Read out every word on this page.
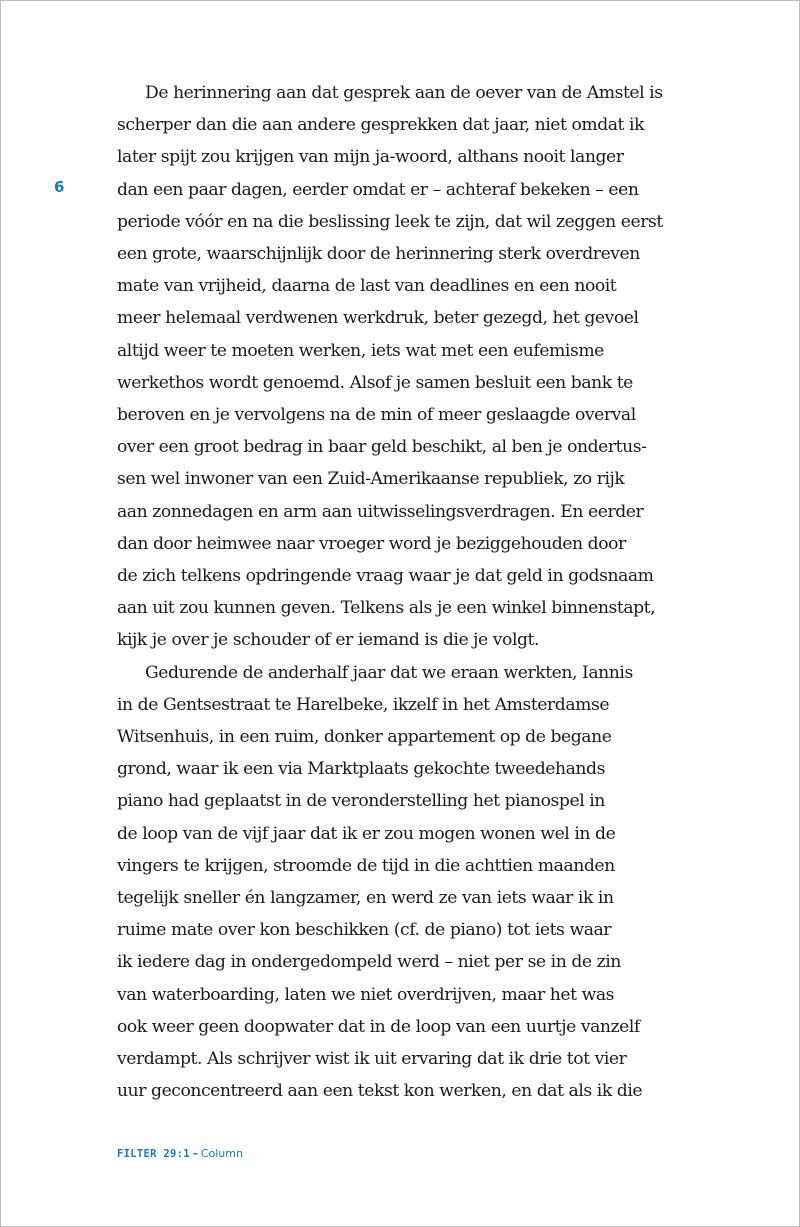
6
De herinnering aan dat gesprek aan de oever van de Amstel is
scherper dan die aan andere gesprekken dat jaar, niet omdat ik
later spijt zou krijgen van mijn ja-woord, althans nooit langer
dan een paar dagen, eerder omdat er – achteraf bekeken – een
periode vóór en na die beslissing leek te zijn, dat wil zeggen eerst
een grote, waarschijnlijk door de herinnering sterk overdreven
mate van vrijheid, daarna de last van deadlines en een nooit
meer helemaal verdwenen werkdruk, beter gezegd, het gevoel
altijd weer te moeten werken, iets wat met een eufemisme
werkethos wordt genoemd. Alsof je samen besluit een bank te
beroven en je vervolgens na de min of meer geslaagde overval
over een groot bedrag in baar geld beschikt, al ben je ondertus-
sen wel inwoner van een Zuid-Amerikaanse republiek, zo rijk
aan zonnedagen en arm aan uitwisselingsverdragen. En eerder
dan door heimwee naar vroeger word je beziggehouden door
de zich telkens opdringende vraag waar je dat geld in godsnaam
aan uit zou kunnen geven. Telkens als je een winkel binnenstapt,
kijk je over je schouder of er iemand is die je volgt.
Gedurende de anderhalf jaar dat we eraan werkten, Iannis
in de Gentsestraat te Harelbeke, ikzelf in het Amsterdamse
Witsenhuis, in een ruim, donker appartement op de begane
grond, waar ik een via Marktplaats gekochte tweedehands
piano had geplaatst in de veronderstelling het pianospel in
de loop van de vijf jaar dat ik er zou mogen wonen wel in de
vingers te krijgen, stroomde de tijd in die achttien maanden
tegelijk sneller én langzamer, en werd ze van iets waar ik in
ruime mate over kon beschikken (cf. de piano) tot iets waar
ik iedere dag in ondergedompeld werd – niet per se in de zin
van waterboarding, laten we niet overdrijven, maar het was
ook weer geen doopwater dat in de loop van een uurtje vanzelf
verdampt. Als schrijver wist ik uit ervaring dat ik drie tot vier
uur geconcentreerd aan een tekst kon werken, en dat als ik die
FILTER 29:1 – Column
